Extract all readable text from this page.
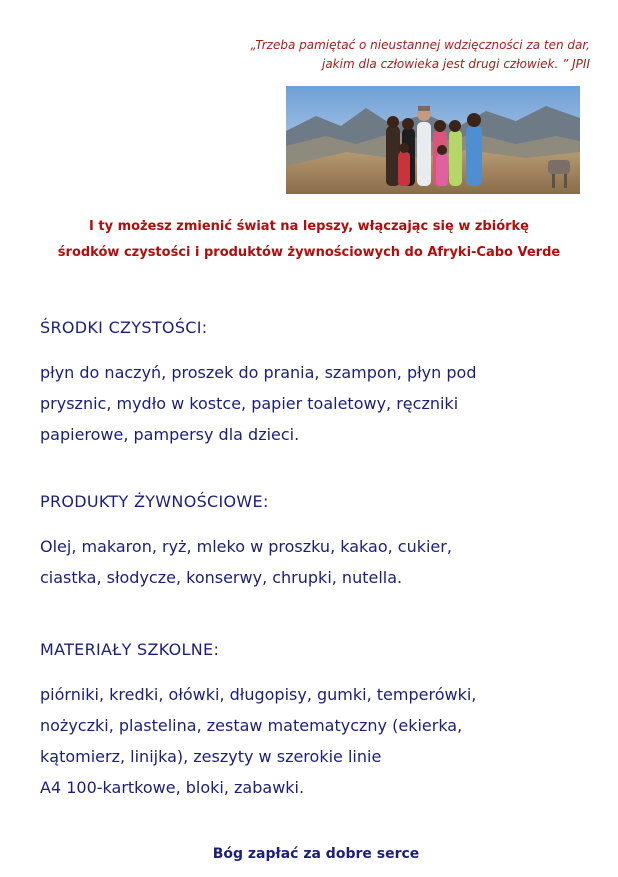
„Trzeba pamiętać o nieustannej wdzięczności za ten dar,
jakim dla człowieka jest drugi człowiek. ” JPII
I ty możesz zmienić świat na lepszy, włączając się w zbiórkę
środków czystości i produktów żywnościowych do Afryki-Cabo Verde
ŚRODKI CZYSTOŚCI:
płyn do naczyń, proszek do prania, szampon, płyn pod
prysznic, mydło w kostce, papier toaletowy, ręczniki
papierowe, pampersy dla dzieci.
PRODUKTY ŻYWNOŚCIOWE:
Olej, makaron, ryż, mleko w proszku, kakao, cukier,
ciastka, słodycze, konserwy, chrupki, nutella.
MATERIAŁY SZKOLNE:
piórniki, kredki, ołówki, długopisy, gumki, temperówki,
nożyczki, plastelina, zestaw matematyczny (ekierka,
kątomierz, linijka), zeszyty w szerokie linie
A4 100-kartkowe, bloki, zabawki.
Bóg zapłać za dobre serce
